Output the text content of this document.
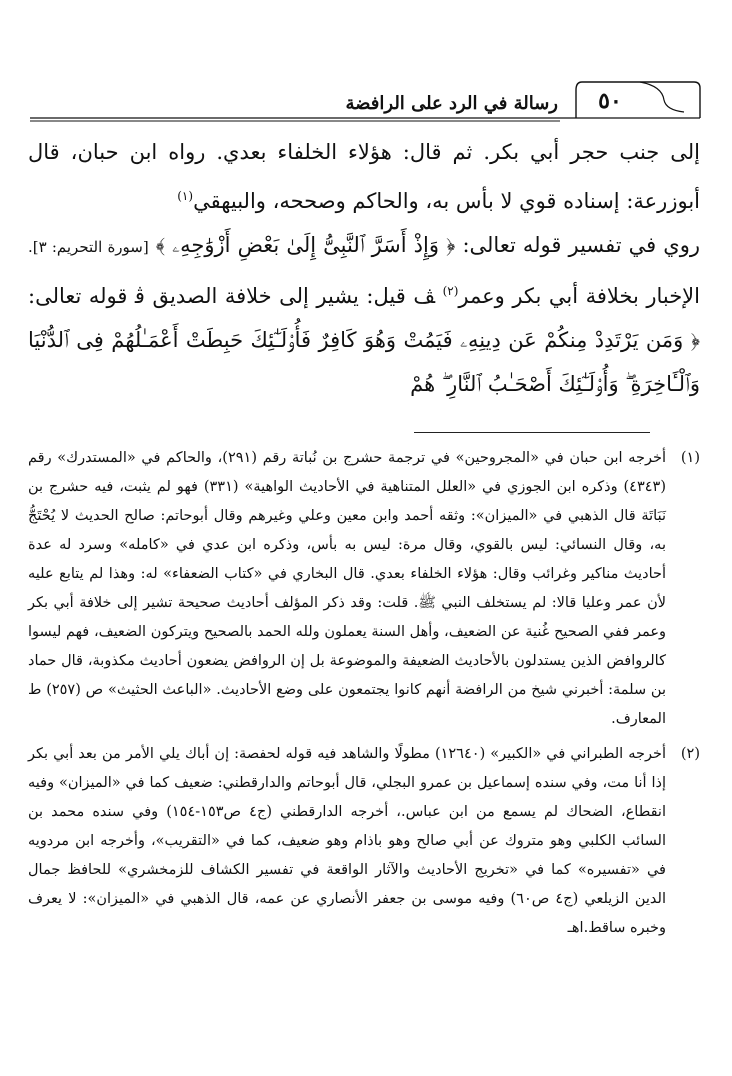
٥٠
رسالة في الرد على الرافضة

إلى جنب حجر أبي بكر. ثم قال: هؤلاء الخلفاء بعدي. رواه ابن حبان، قال أبوزرعة: إسناده قوي لا بأس به، والحاكم وصححه، والبيهقي$^{(١)}$

روي في تفسير قوله تعالى: ﴿ وَإِذْ أَسَرَّ ٱلنَّبِىُّ إِلَىٰ بَعْضِ أَزْوَٰجِهِۦ ﴾ [سورة التحريم: ٣]. الإخبار بخلافة أبي بكر وعمر$^{(٢)}$ ﭫ قيل: يشير إلى خلافة الصديق ﭬ قوله تعالى: ﴿ وَمَن يَرْتَدِدْ مِنكُمْ عَن دِينِهِۦ فَيَمُتْ وَهُوَ كَافِرٌ فَأُو۟لَـٰٓئِكَ حَبِطَتْ أَعْمَـٰلُهُمْ فِى ٱلدُّنْيَا وَٱلْـَٔاخِرَةِ ۖ وَأُو۟لَـٰٓئِكَ أَصْحَـٰبُ ٱلنَّارِ ۖ هُمْ

(١)
أخرجه ابن حبان في «المجروحين» في ترجمة حشرج بن نُباتة رقم (٢٩١)، والحاكم في «المستدرك» رقم (٤٣٤٣) وذكره ابن الجوزي في «العلل المتناهية في الأحاديث الواهية» (٣٣١) فهو لم يثبت، فيه حشرج بن نَبَاتَة قال الذهبي في «الميزان»: وثقه أحمد وابن معين وعلي وغيرهم وقال أبوحاتم: صالح الحديث لا يُحْتَجُّ به، وقال النسائي: ليس بالقوي، وقال مرة: ليس به بأس، وذكره ابن عدي في «كامله» وسرد له عدة أحاديث مناكير وغرائب وقال: هؤلاء الخلفاء بعدي. قال البخاري في «كتاب الضعفاء» له: وهذا لم يتابع عليه لأن عمر وعليا قالا: لم يستخلف النبي ﷺ. قلت: وقد ذكر المؤلف أحاديث صحيحة تشير إلى خلافة أبي بكر وعمر ففي الصحيح غُنية عن الضعيف، وأهل السنة يعملون ولله الحمد بالصحيح ويتركون الضعيف، فهم ليسوا كالروافض الذين يستدلون بالأحاديث الضعيفة والموضوعة بل إن الروافض يضعون أحاديث مكذوبة، قال حماد بن سلمة: أخبرني شيخ من الرافضة أنهم كانوا يجتمعون على وضع الأحاديث. «الباعث الحثيث» ص (٢٥٧) ط المعارف.
(٢)
أخرجه الطبراني في «الكبير» (١٢٦٤٠) مطولًا والشاهد فيه قوله لحفصة: إن أباك يلي الأمر من بعد أبي بكر إذا أنا مت، وفي سنده إسماعيل بن عمرو البجلي، قال أبوحاتم والدارقطني: ضعيف كما في «الميزان» وفيه انقطاع، الضحاك لم يسمع من ابن عباس.، أخرجه الدارقطني (ج٤ ص١٥٣-١٥٤) وفي سنده محمد بن السائب الكلبي وهو متروك عن أبي صالح وهو باذام وهو ضعيف، كما في «التقريب»، وأخرجه ابن مردويه في «تفسيره» كما في «تخريج الأحاديث والآثار الواقعة في تفسير الكشاف للزمخشري» للحافظ جمال الدين الزيلعي (ج٤ ص٦٠) وفيه موسى بن جعفر الأنصاري عن عمه، قال الذهبي في «الميزان»: لا يعرف وخبره ساقط.اهـ
